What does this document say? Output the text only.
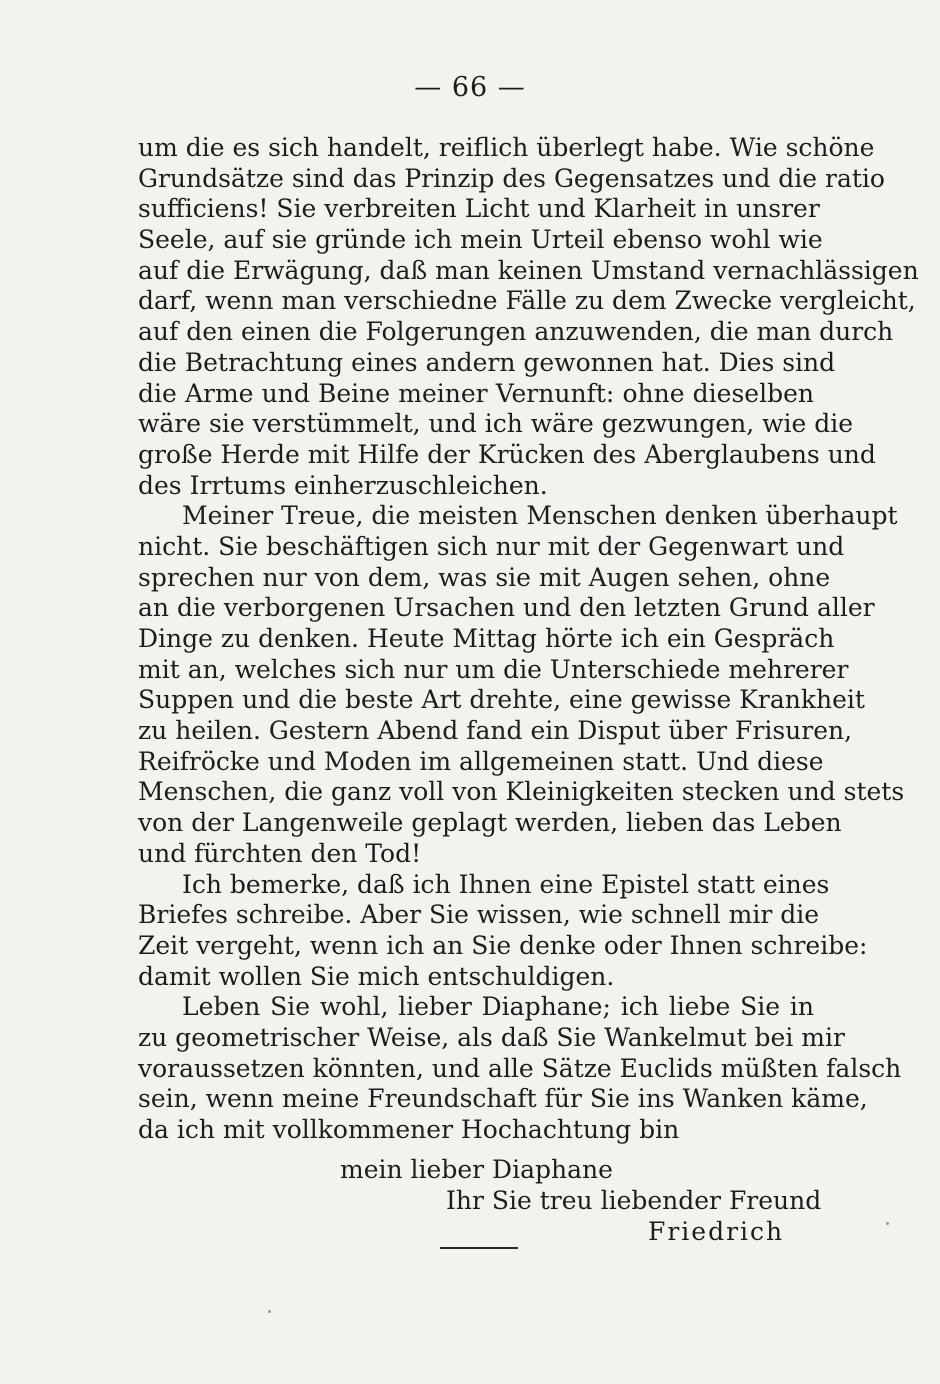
— 66 —
um die es sich handelt, reiflich überlegt habe. Wie schöne
Grundsätze sind das Prinzip des Gegensatzes und die ratio
sufficiens! Sie verbreiten Licht und Klarheit in unsrer
Seele, auf sie gründe ich mein Urteil ebenso wohl wie
auf die Erwägung, daß man keinen Umstand vernachlässigen
darf, wenn man verschiedne Fälle zu dem Zwecke vergleicht,
auf den einen die Folgerungen anzuwenden, die man durch
die Betrachtung eines andern gewonnen hat. Dies sind
die Arme und Beine meiner Vernunft: ohne dieselben
wäre sie verstümmelt, und ich wäre gezwungen, wie die
große Herde mit Hilfe der Krücken des Aberglaubens und
des Irrtums einherzuschleichen.
Meiner Treue, die meisten Menschen denken überhaupt
nicht. Sie beschäftigen sich nur mit der Gegenwart und
sprechen nur von dem, was sie mit Augen sehen, ohne
an die verborgenen Ursachen und den letzten Grund aller
Dinge zu denken. Heute Mittag hörte ich ein Gespräch
mit an, welches sich nur um die Unterschiede mehrerer
Suppen und die beste Art drehte, eine gewisse Krankheit
zu heilen. Gestern Abend fand ein Disput über Frisuren,
Reifröcke und Moden im allgemeinen statt. Und diese
Menschen, die ganz voll von Kleinigkeiten stecken und stets
von der Langenweile geplagt werden, lieben das Leben
und fürchten den Tod!
Ich bemerke, daß ich Ihnen eine Epistel statt eines
Briefes schreibe. Aber Sie wissen, wie schnell mir die
Zeit vergeht, wenn ich an Sie denke oder Ihnen schreibe:
damit wollen Sie mich entschuldigen.
Leben Sie wohl, lieber Diaphane; ich liebe Sie in
zu geometrischer Weise, als daß Sie Wankelmut bei mir
voraussetzen könnten, und alle Sätze Euclids müßten falsch
sein, wenn meine Freundschaft für Sie ins Wanken käme,
da ich mit vollkommener Hochachtung bin
mein lieber Diaphane
Ihr Sie treu liebender Freund
Friedrich
